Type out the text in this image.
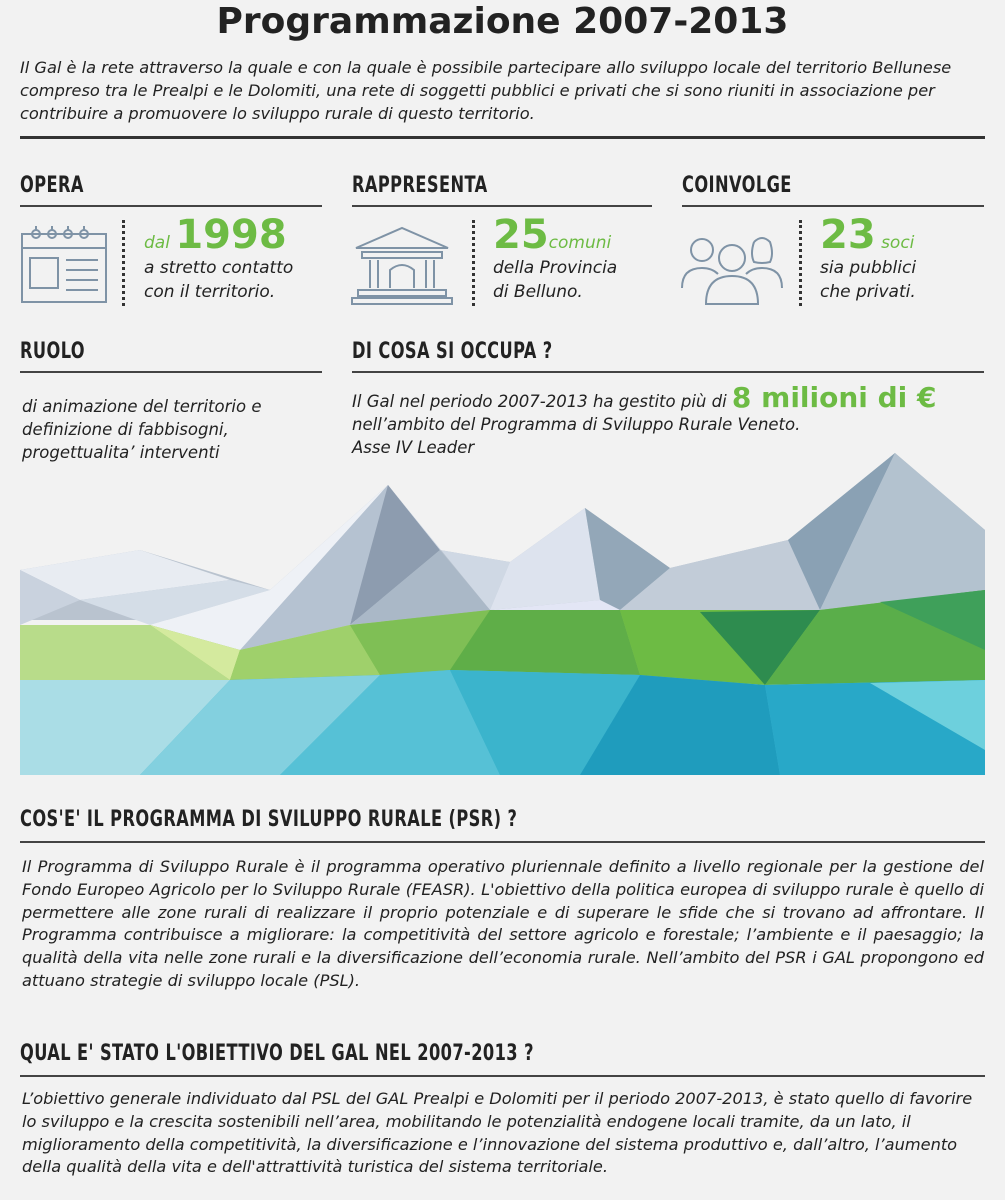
Programmazione 2007-2013
Il Gal è la rete attraverso la quale e con la quale è possibile partecipare allo sviluppo locale del territorio Bellunese compreso tra le Prealpi e le Dolomiti, una rete di soggetti pubblici e privati che si sono riuniti in associazione per contribuire a promuovere lo sviluppo rurale di questo territorio.
OPERA
dal 1998
a stretto contatto
con il territorio.
RAPPRESENTA
25comuni
della Provincia
di Belluno.
COINVOLGE
23 soci
sia pubblici
che privati.
RUOLO
di animazione del territorio e definizione di fabbisogni, progettualita’ interventi
DI COSA SI OCCUPA ?
Il Gal nel periodo 2007-2013 ha gestito più di 8 milioni di €
nell’ambito del Programma di Sviluppo Rurale Veneto.
Asse IV Leader
COS'E' IL PROGRAMMA DI SVILUPPO RURALE (PSR) ?
Il Programma di Sviluppo Rurale è il programma operativo pluriennale definito a livello regionale per la gestione del Fondo Europeo Agricolo per lo Sviluppo Rurale (FEASR). L'obiettivo della politica europea di sviluppo rurale è quello di permettere alle zone rurali di realizzare il proprio potenziale e di superare le sfide che si trovano ad affrontare. Il Programma contribuisce a migliorare: la competitività del settore agricolo e forestale; l’ambiente e il paesaggio; la qualità della vita nelle zone rurali e la diversificazione dell’economia rurale. Nell’ambito del PSR i GAL propongono ed attuano strategie di sviluppo locale (PSL).
QUAL E' STATO L'OBIETTIVO DEL GAL NEL 2007-2013 ?
L’obiettivo generale individuato dal PSL del GAL Prealpi e Dolomiti per il periodo 2007-2013, è stato quello di favorire lo sviluppo e la crescita sostenibili nell’area, mobilitando le potenzialità endogene locali tramite, da un lato, il miglioramento della competitività, la diversificazione e l’innovazione del sistema produttivo e, dall’altro, l’aumento della qualità della vita e dell'attrattività turistica del sistema territoriale.
